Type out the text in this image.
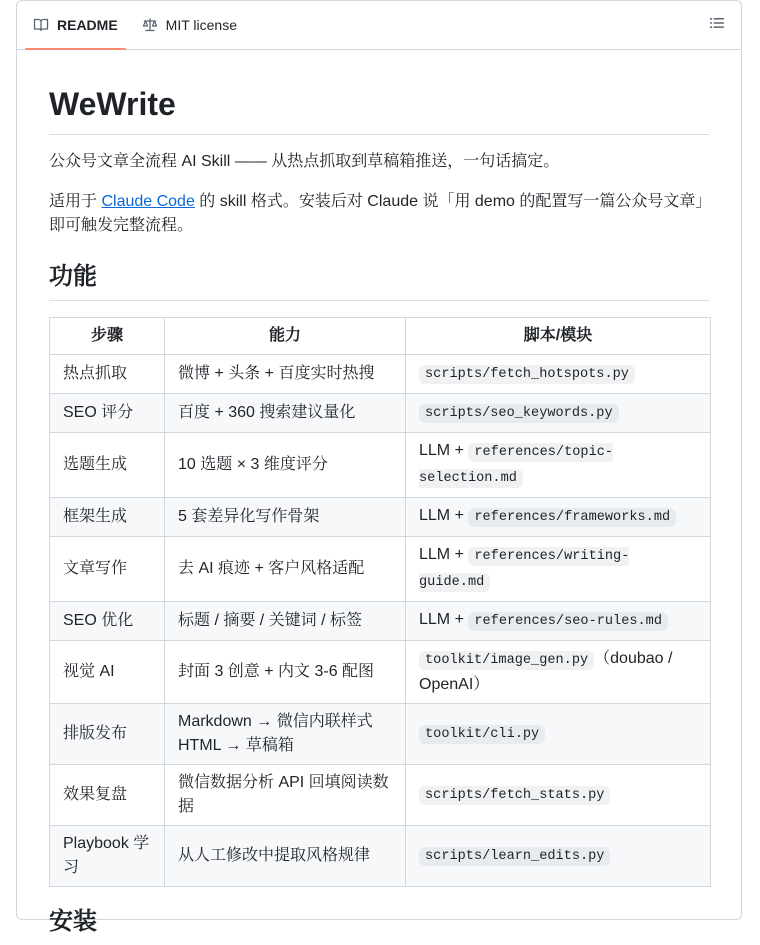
README	MIT license
WeWrite

公众号文章全流程 AI Skill —— 从热点抓取到草稿箱推送，一句话搞定。

适用于 Claude Code 的 skill 格式。安装后对 Claude 说「用 demo 的配置写一篇公众号文章」即可触发完整流程。

功能
步骤	能力	脚本/模块
热点抓取	微博 + 头条 + 百度实时热搜	scripts/fetch_hotspots.py
SEO 评分	百度 + 360 搜索建议量化	scripts/seo_keywords.py
选题生成	10 选题 × 3 维度评分	LLM + references/topic-selection.md
框架生成	5 套差异化写作骨架	LLM + references/frameworks.md
文章写作	去 AI 痕迹 + 客户风格适配	LLM + references/writing-guide.md
SEO 优化	标题 / 摘要 / 关键词 / 标签	LLM + references/seo-rules.md
视觉 AI	封面 3 创意 + 内文 3-6 配图	toolkit/image_gen.py （doubao / OpenAI）
排版发布	Markdown → 微信内联样式 HTML → 草稿箱	toolkit/cli.py
效果复盘	微信数据分析 API 回填阅读数据	scripts/fetch_stats.py
Playbook 学习	从人工修改中提取风格规律	scripts/learn_edits.py
安装
